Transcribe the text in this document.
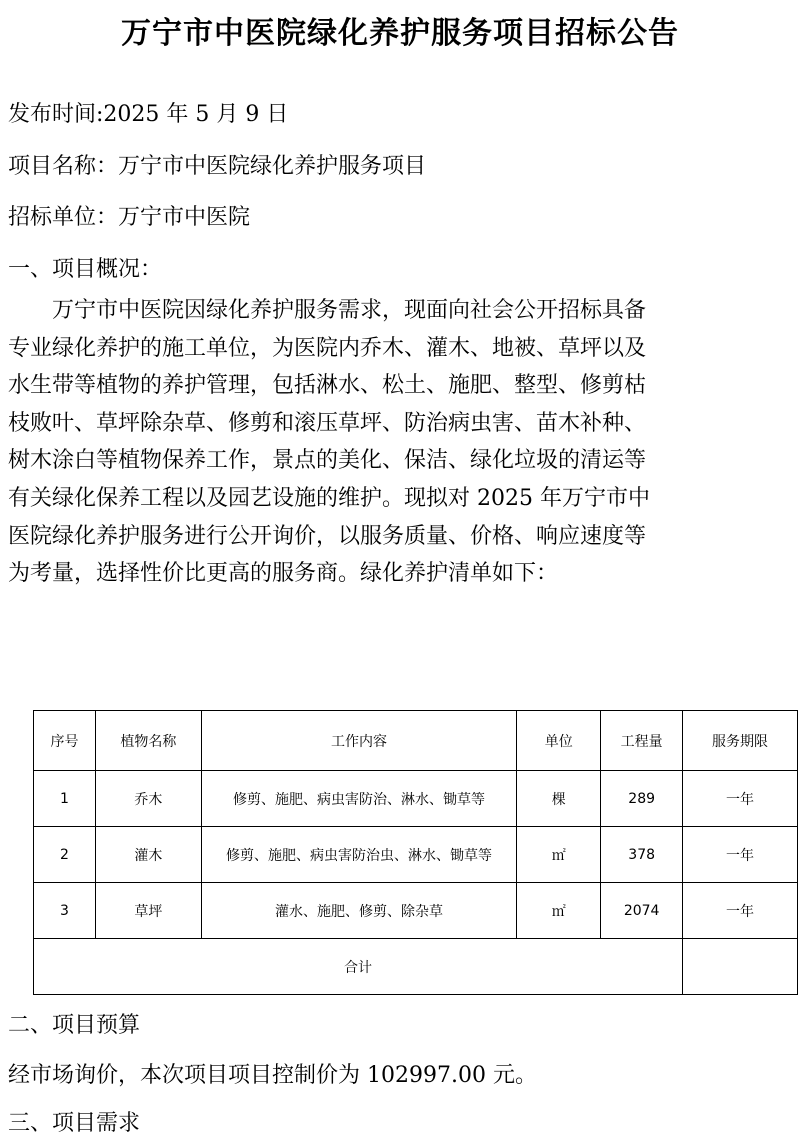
万宁市中医院绿化养护服务项目招标公告
发布时间:2025 年 5 月 9 日
项目名称：万宁市中医院绿化养护服务项目
招标单位：万宁市中医院
一、项目概况：

　　万宁市中医院因绿化养护服务需求，现面向社会公开招标具备

专业绿化养护的施工单位，为医院内乔木、灌木、地被、草坪以及

水生带等植物的养护管理，包括淋水、松土、施肥、整型、修剪枯

枝败叶、草坪除杂草、修剪和滚压草坪、防治病虫害、苗木补种、

树木涂白等植物保养工作，景点的美化、保洁、绿化垃圾的清运等

有关绿化保养工程以及园艺设施的维护。现拟对 2025 年万宁市中

医院绿化养护服务进行公开询价，以服务质量、价格、响应速度等

为考量，选择性价比更高的服务商。绿化养护清单如下：

序号	植物名称	工作内容	单位	工程量	服务期限
1	乔木	修剪、施肥、病虫害防治、淋水、锄草等	棵	289	一年
2	灌木	修剪、施肥、病虫害防治虫、淋水、锄草等	㎡	378	一年
3	草坪	灌水、施肥、修剪、除杂草	㎡	2074	一年
合计					
二、项目预算
经市场询价，本次项目项目控制价为 102997.00 元。
三、项目需求
